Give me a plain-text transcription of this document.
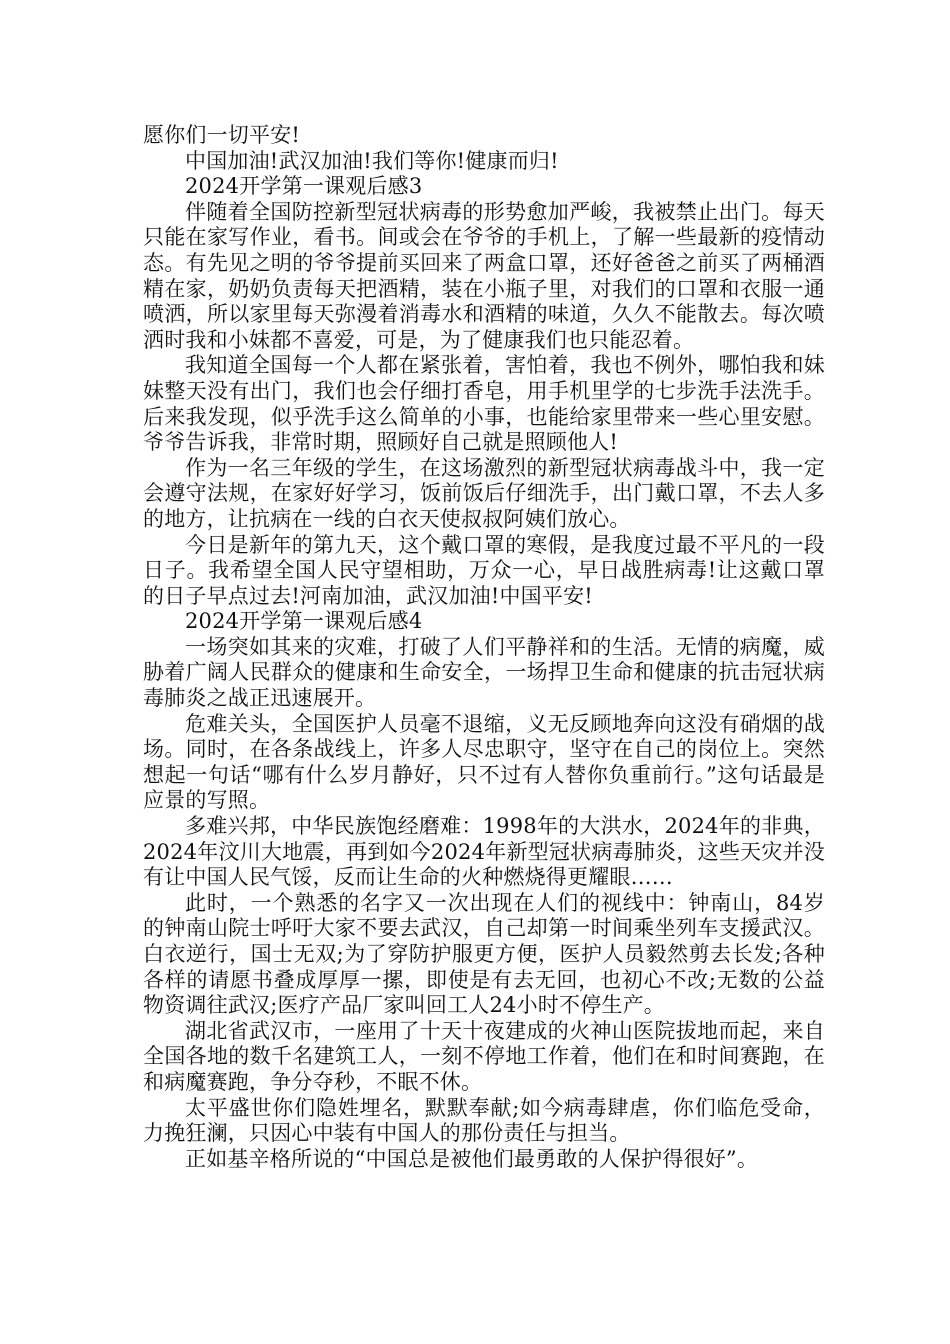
愿你们一切平安!

中国加油!武汉加油!我们等你!健康而归!

2024开学第一课观后感3

伴随着全国防控新型冠状病毒的形势愈加严峻，我被禁止出门。每天只能在家写作业，看书。间或会在爷爷的手机上，了解一些最新的疫情动态。有先见之明的爷爷提前买回来了两盒口罩，还好爸爸之前买了两桶酒精在家，奶奶负责每天把酒精，装在小瓶子里，对我们的口罩和衣服一通喷洒，所以家里每天弥漫着消毒水和酒精的味道，久久不能散去。每次喷洒时我和小妹都不喜爱，可是，为了健康我们也只能忍着。

我知道全国每一个人都在紧张着，害怕着，我也不例外，哪怕我和妹妹整天没有出门，我们也会仔细打香皂，用手机里学的七步洗手法洗手。后来我发现，似乎洗手这么简单的小事，也能给家里带来一些心里安慰。爷爷告诉我，非常时期，照顾好自己就是照顾他人!

作为一名三年级的学生，在这场激烈的新型冠状病毒战斗中，我一定会遵守法规，在家好好学习，饭前饭后仔细洗手，出门戴口罩，不去人多的地方，让抗病在一线的白衣天使叔叔阿姨们放心。

今日是新年的第九天，这个戴口罩的寒假，是我度过最不平凡的一段日子。我希望全国人民守望相助，万众一心，早日战胜病毒!让这戴口罩的日子早点过去!河南加油，武汉加油!中国平安!

2024开学第一课观后感4

一场突如其来的灾难，打破了人们平静祥和的生活。无情的病魔，威胁着广阔人民群众的健康和生命安全，一场捍卫生命和健康的抗击冠状病毒肺炎之战正迅速展开。

危难关头，全国医护人员毫不退缩，义无反顾地奔向这没有硝烟的战场。同时，在各条战线上，许多人尽忠职守，坚守在自己的岗位上。突然想起一句话“哪有什么岁月静好，只不过有人替你负重前行。”这句话最是应景的写照。

多难兴邦，中华民族饱经磨难：1998年的大洪水，2024年的非典，2024年汶川大地震，再到如今2024年新型冠状病毒肺炎，这些天灾并没有让中国人民气馁，反而让生命的火种燃烧得更耀眼……

此时，一个熟悉的名字又一次出现在人们的视线中：钟南山，84岁的钟南山院士呼吁大家不要去武汉，自己却第一时间乘坐列车支援武汉。白衣逆行，国士无双;为了穿防护服更方便，医护人员毅然剪去长发;各种各样的请愿书叠成厚厚一摞，即使是有去无回，也初心不改;无数的公益物资调往武汉;医疗产品厂家叫回工人24小时不停生产。

湖北省武汉市，一座用了十天十夜建成的火神山医院拔地而起，来自全国各地的数千名建筑工人，一刻不停地工作着，他们在和时间赛跑，在和病魔赛跑，争分夺秒，不眠不休。

太平盛世你们隐姓埋名，默默奉献;如今病毒肆虐，你们临危受命，力挽狂澜，只因心中装有中国人的那份责任与担当。

正如基辛格所说的“中国总是被他们最勇敢的人保护得很好”。
